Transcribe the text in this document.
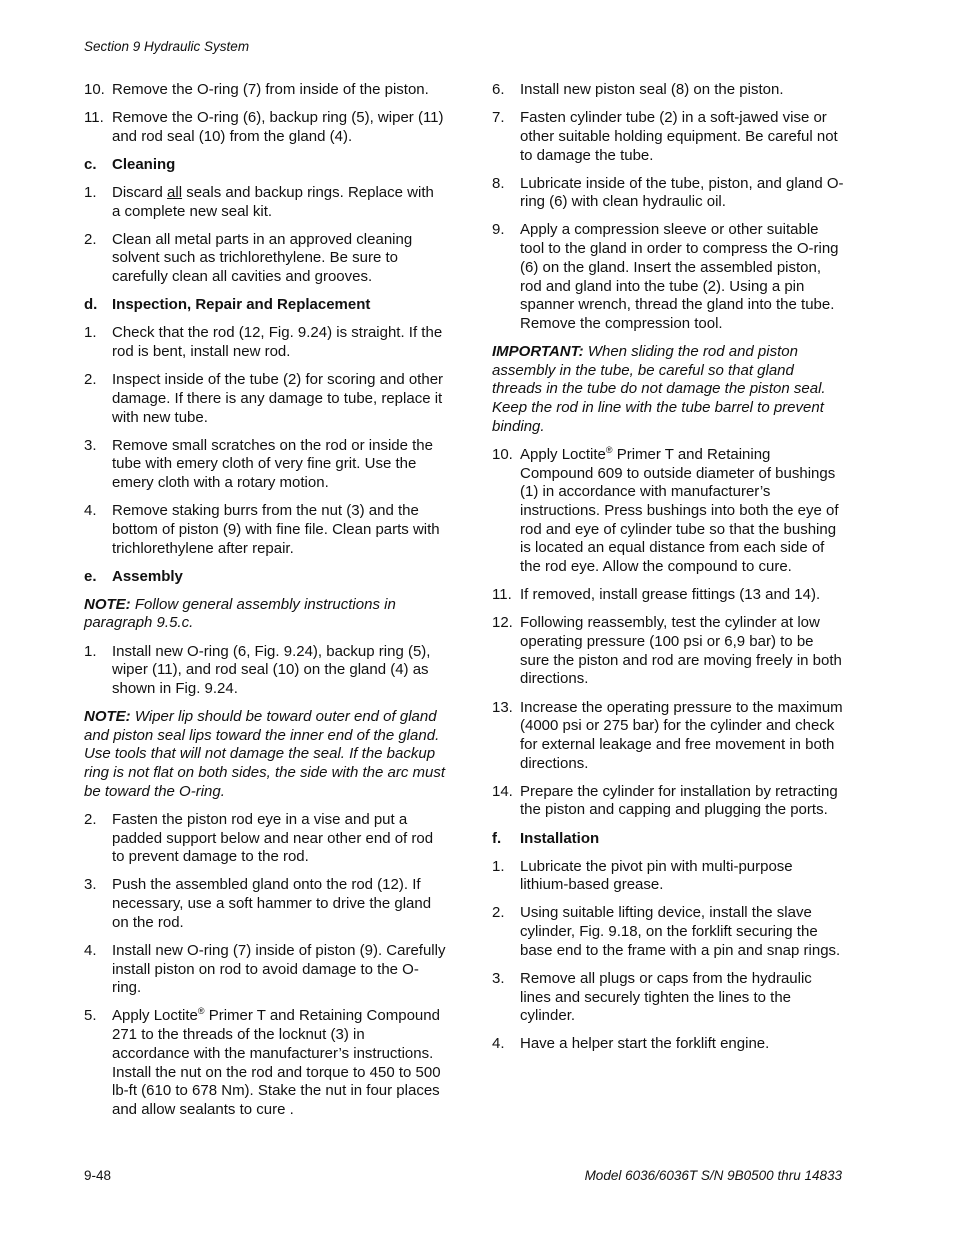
Section 9 Hydraulic System
10. Remove the O-ring (7) from inside of the piston.
11. Remove the O-ring (6), backup ring (5), wiper (11) and rod seal (10) from the gland (4).
c. Cleaning
1. Discard all seals and backup rings. Replace with a complete new seal kit.
2. Clean all metal parts in an approved cleaning solvent such as trichlorethylene. Be sure to carefully clean all cavities and grooves.
d. Inspection, Repair and Replacement
1. Check that the rod (12, Fig. 9.24) is straight. If the rod is bent, install new rod.
2. Inspect inside of the tube (2) for scoring and other damage. If there is any damage to tube, replace it with new tube.
3. Remove small scratches on the rod or inside the tube with emery cloth of very fine grit. Use the emery cloth with a rotary motion.
4. Remove staking burrs from the nut (3) and the bottom of piston (9) with fine file. Clean parts with trichlorethylene after repair.
e. Assembly
NOTE: Follow general assembly instructions in paragraph 9.5.c.
1. Install new O-ring (6, Fig. 9.24), backup ring (5), wiper (11), and rod seal (10) on the gland (4) as shown in Fig. 9.24.
NOTE: Wiper lip should be toward outer end of gland and piston seal lips toward the inner end of the gland. Use tools that will not damage the seal. If the backup ring is not flat on both sides, the side with the arc must be toward the O-ring.
2. Fasten the piston rod eye in a vise and put a padded support below and near other end of rod to prevent damage to the rod.
3. Push the assembled gland onto the rod (12). If necessary, use a soft hammer to drive the gland on the rod.
4. Install new O-ring (7) inside of piston (9). Carefully install piston on rod to avoid damage to the O-ring.
5. Apply Loctite® Primer T and Retaining Compound 271 to the threads of the locknut (3) in accordance with the manufacturer’s instructions. Install the nut on the rod and torque to 450 to 500 lb-ft (610 to 678 Nm). Stake the nut in four places and allow sealants to cure .
6. Install new piston seal (8) on the piston.
7. Fasten cylinder tube (2) in a soft-jawed vise or other suitable holding equipment. Be careful not to damage the tube.
8. Lubricate inside of the tube, piston, and gland O-ring (6) with clean hydraulic oil.
9. Apply a compression sleeve or other suitable tool to the gland in order to compress the O-ring (6) on the gland. Insert the assembled piston, rod and gland into the tube (2). Using a pin spanner wrench, thread the gland into the tube. Remove the compression tool.
IMPORTANT: When sliding the rod and piston assembly in the tube, be careful so that gland threads in the tube do not damage the piston seal. Keep the rod in line with the tube barrel to prevent binding.
10. Apply Loctite® Primer T and Retaining Compound 609 to outside diameter of bushings (1) in accordance with manufacturer’s instructions. Press bushings into both the eye of rod and eye of cylinder tube so that the bushing is located an equal distance from each side of the rod eye. Allow the compound to cure.
11. If removed, install grease fittings (13 and 14).
12. Following reassembly, test the cylinder at low operating pressure (100 psi or 6,9 bar) to be sure the piston and rod are moving freely in both directions.
13. Increase the operating pressure to the maximum (4000 psi or 275 bar) for the cylinder and check for external leakage and free movement in both directions.
14. Prepare the cylinder for installation by retracting the piston and capping and plugging the ports.
f. Installation
1. Lubricate the pivot pin with multi-purpose lithium-based grease.
2. Using suitable lifting device, install the slave cylinder, Fig. 9.18, on the forklift securing the base end to the frame with a pin and snap rings.
3. Remove all plugs or caps from the hydraulic lines and securely tighten the lines to the cylinder.
4. Have a helper start the forklift engine.
9-48	Model 6036/6036T S/N 9B0500 thru 14833
